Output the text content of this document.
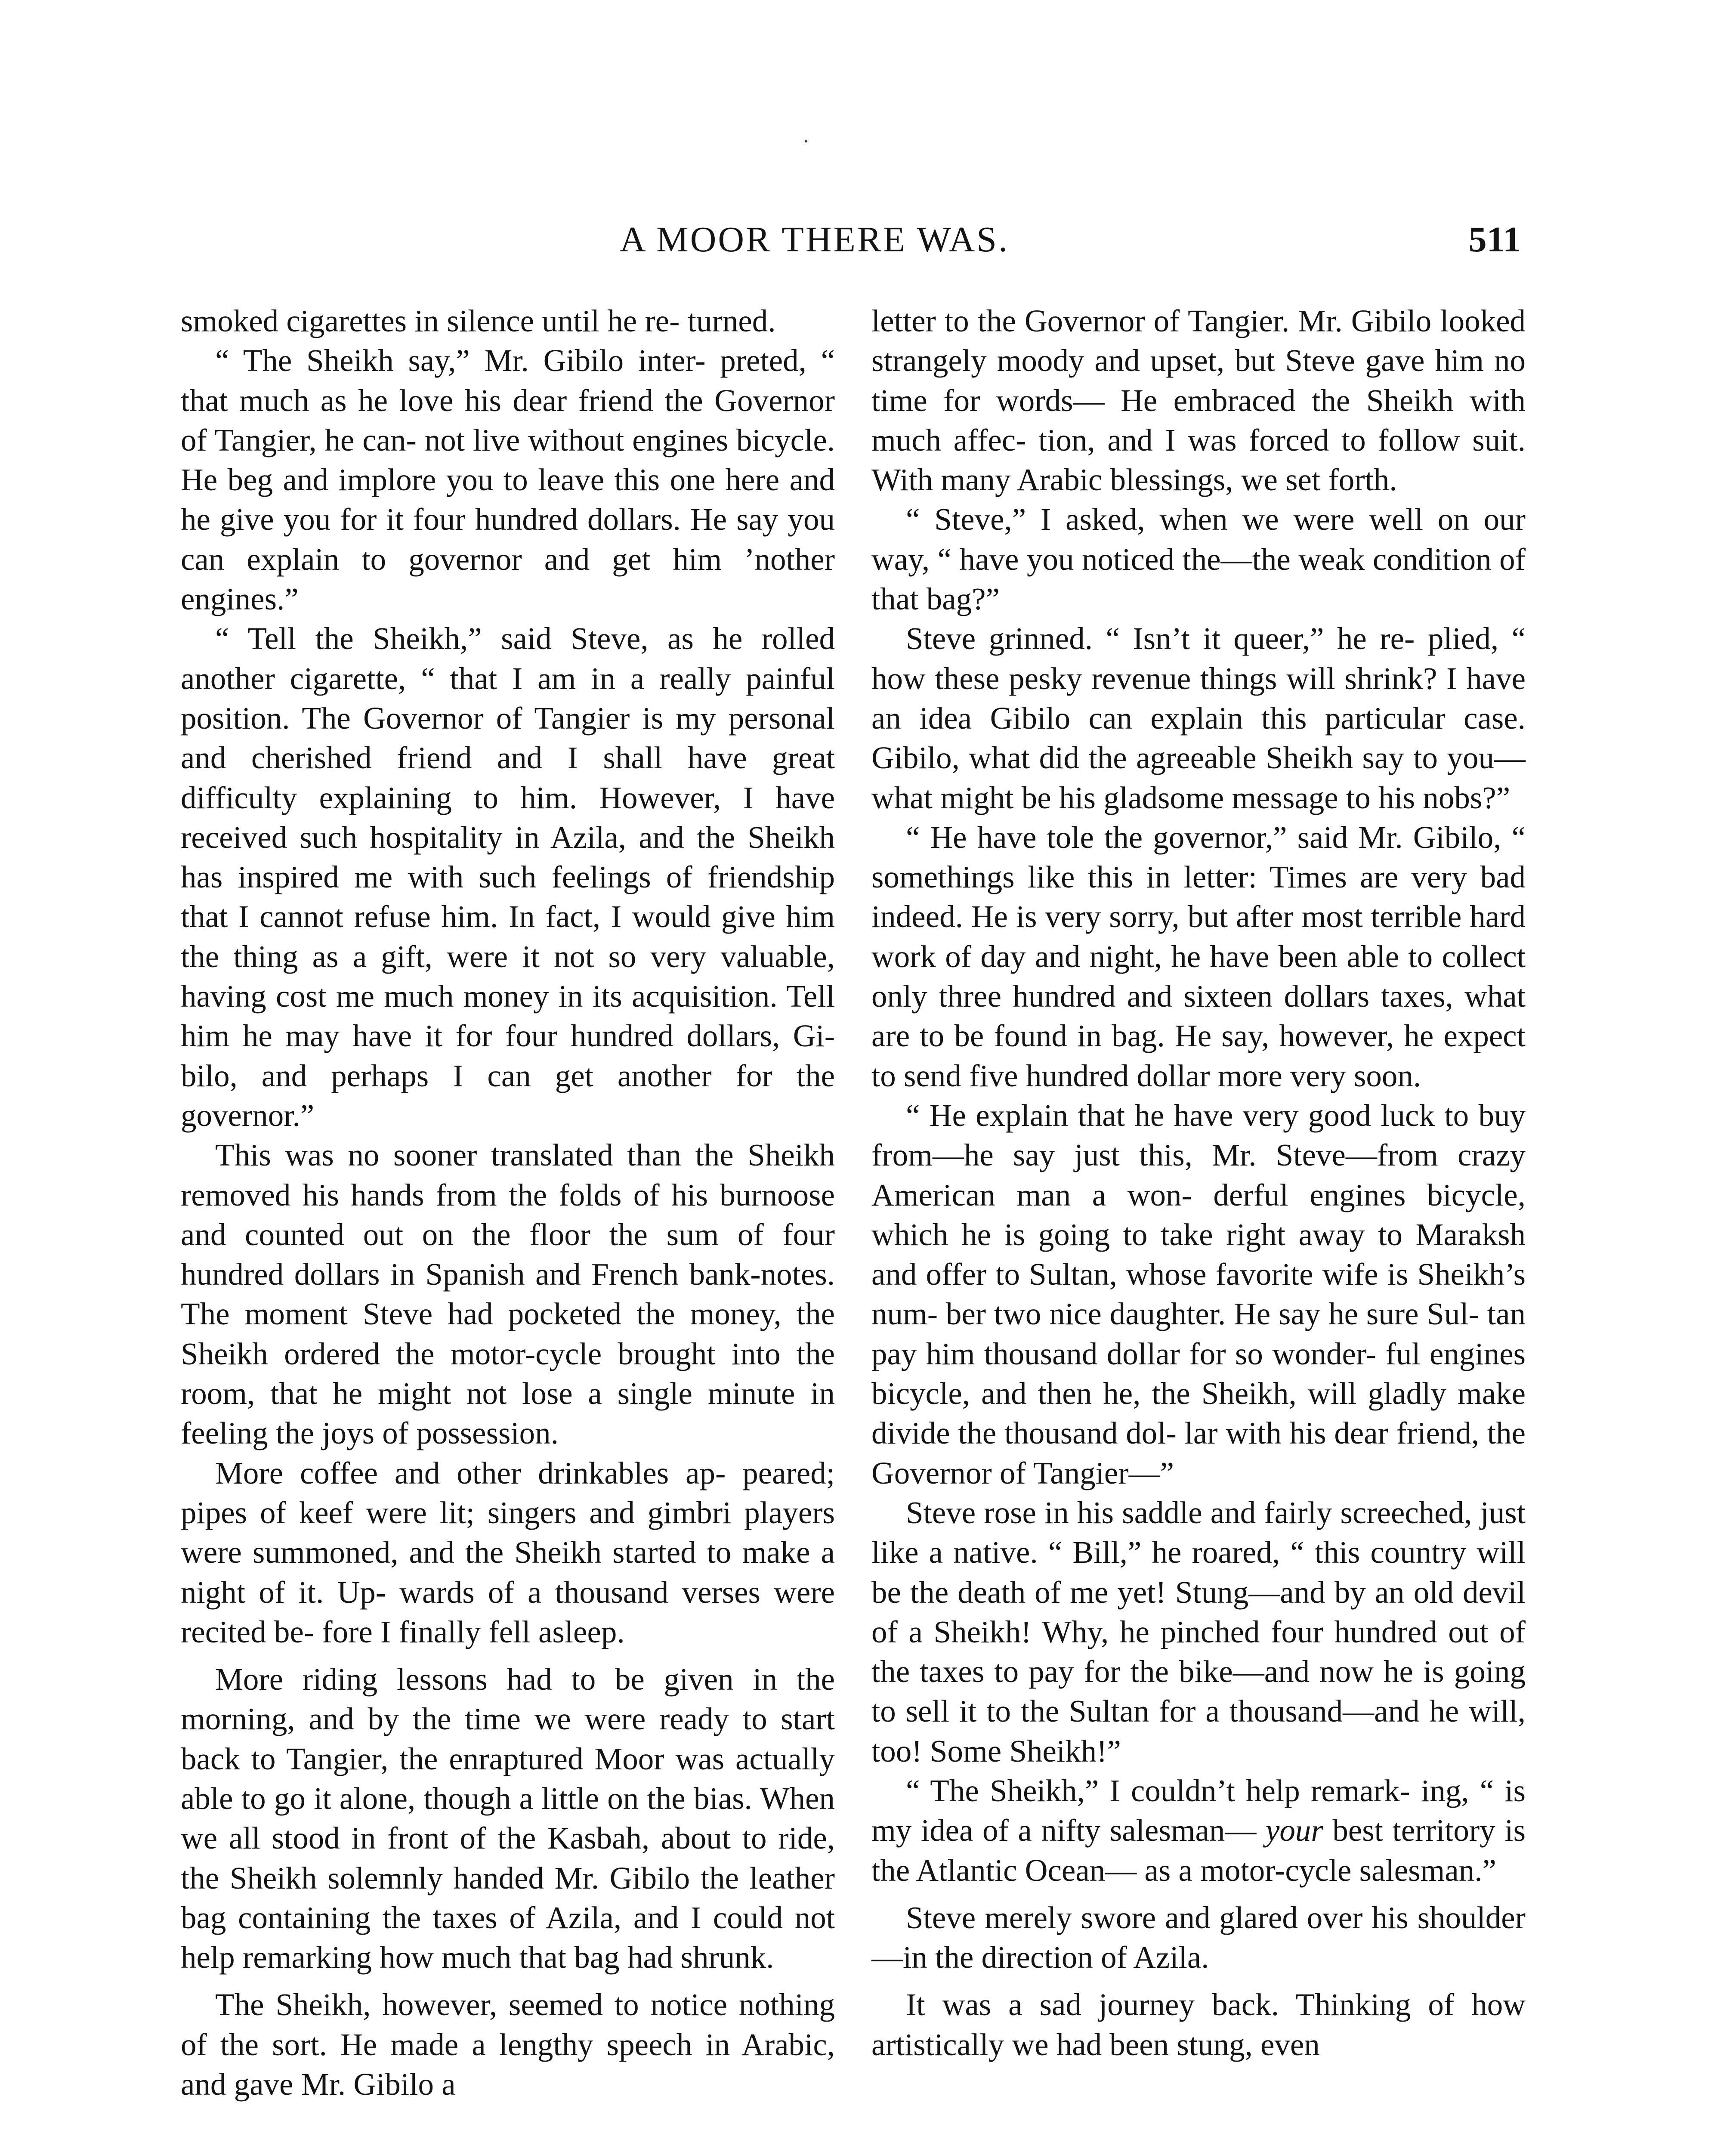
A MOOR THERE WAS.	511

smoked cigarettes in silence until he re- turned.

“ The Sheikh say,” Mr. Gibilo inter- preted, “ that much as he love his dear friend the Governor of Tangier, he can- not live without engines bicycle. He beg and implore you to leave this one here and he give you for it four hundred dollars. He say you can explain to governor and get him ’nother engines.”

“ Tell the Sheikh,” said Steve, as he rolled another cigarette, “ that I am in a really painful position. The Governor of Tangier is my personal and cherished friend and I shall have great difficulty explaining to him. However, I have received such hospitality in Azila, and the Sheikh has inspired me with such feelings of friendship that I cannot refuse him. In fact, I would give him the thing as a gift, were it not so very valuable, having cost me much money in its acquisition. Tell him he may have it for four hundred dollars, Gi- bilo, and perhaps I can get another for the governor.”

This was no sooner translated than the Sheikh removed his hands from the folds of his burnoose and counted out on the floor the sum of four hundred dollars in Spanish and French bank-notes. The moment Steve had pocketed the money, the Sheikh ordered the motor-cycle brought into the room, that he might not lose a single minute in feeling the joys of possession.

More coffee and other drinkables ap- peared; pipes of keef were lit; singers and gimbri players were summoned, and the Sheikh started to make a night of it. Up- wards of a thousand verses were recited be- fore I finally fell asleep.

More riding lessons had to be given in the morning, and by the time we were ready to start back to Tangier, the enraptured Moor was actually able to go it alone, though a little on the bias. When we all stood in front of the Kasbah, about to ride, the Sheikh solemnly handed Mr. Gibilo the leather bag containing the taxes of Azila, and I could not help remarking how much that bag had shrunk.

The Sheikh, however, seemed to notice nothing of the sort. He made a lengthy speech in Arabic, and gave Mr. Gibilo a

letter to the Governor of Tangier. Mr. Gibilo looked strangely moody and upset, but Steve gave him no time for words— He embraced the Sheikh with much affec- tion, and I was forced to follow suit. With many Arabic blessings, we set forth.

“ Steve,” I asked, when we were well on our way, “ have you noticed the—the weak condition of that bag?”

Steve grinned. “ Isn’t it queer,” he re- plied, “ how these pesky revenue things will shrink? I have an idea Gibilo can explain this particular case. Gibilo, what did the agreeable Sheikh say to you—what might be his gladsome message to his nobs?”

“ He have tole the governor,” said Mr. Gibilo, “ somethings like this in letter: Times are very bad indeed. He is very sorry, but after most terrible hard work of day and night, he have been able to collect only three hundred and sixteen dollars taxes, what are to be found in bag. He say, however, he expect to send five hundred dollar more very soon.

“ He explain that he have very good luck to buy from—he say just this, Mr. Steve—from crazy American man a won- derful engines bicycle, which he is going to take right away to Maraksh and offer to Sultan, whose favorite wife is Sheikh’s num- ber two nice daughter. He say he sure Sul- tan pay him thousand dollar for so wonder- ful engines bicycle, and then he, the Sheikh, will gladly make divide the thousand dol- lar with his dear friend, the Governor of Tangier—”

Steve rose in his saddle and fairly screeched, just like a native. “ Bill,” he roared, “ this country will be the death of me yet! Stung—and by an old devil of a Sheikh! Why, he pinched four hundred out of the taxes to pay for the bike—and now he is going to sell it to the Sultan for a thousand—and he will, too! Some Sheikh!”

“ The Sheikh,” I couldn’t help remark- ing, “ is my idea of a nifty salesman— your best territory is the Atlantic Ocean— as a motor-cycle salesman.”

Steve merely swore and glared over his shoulder—in the direction of Azila.

It was a sad journey back. Thinking of how artistically we had been stung, even
